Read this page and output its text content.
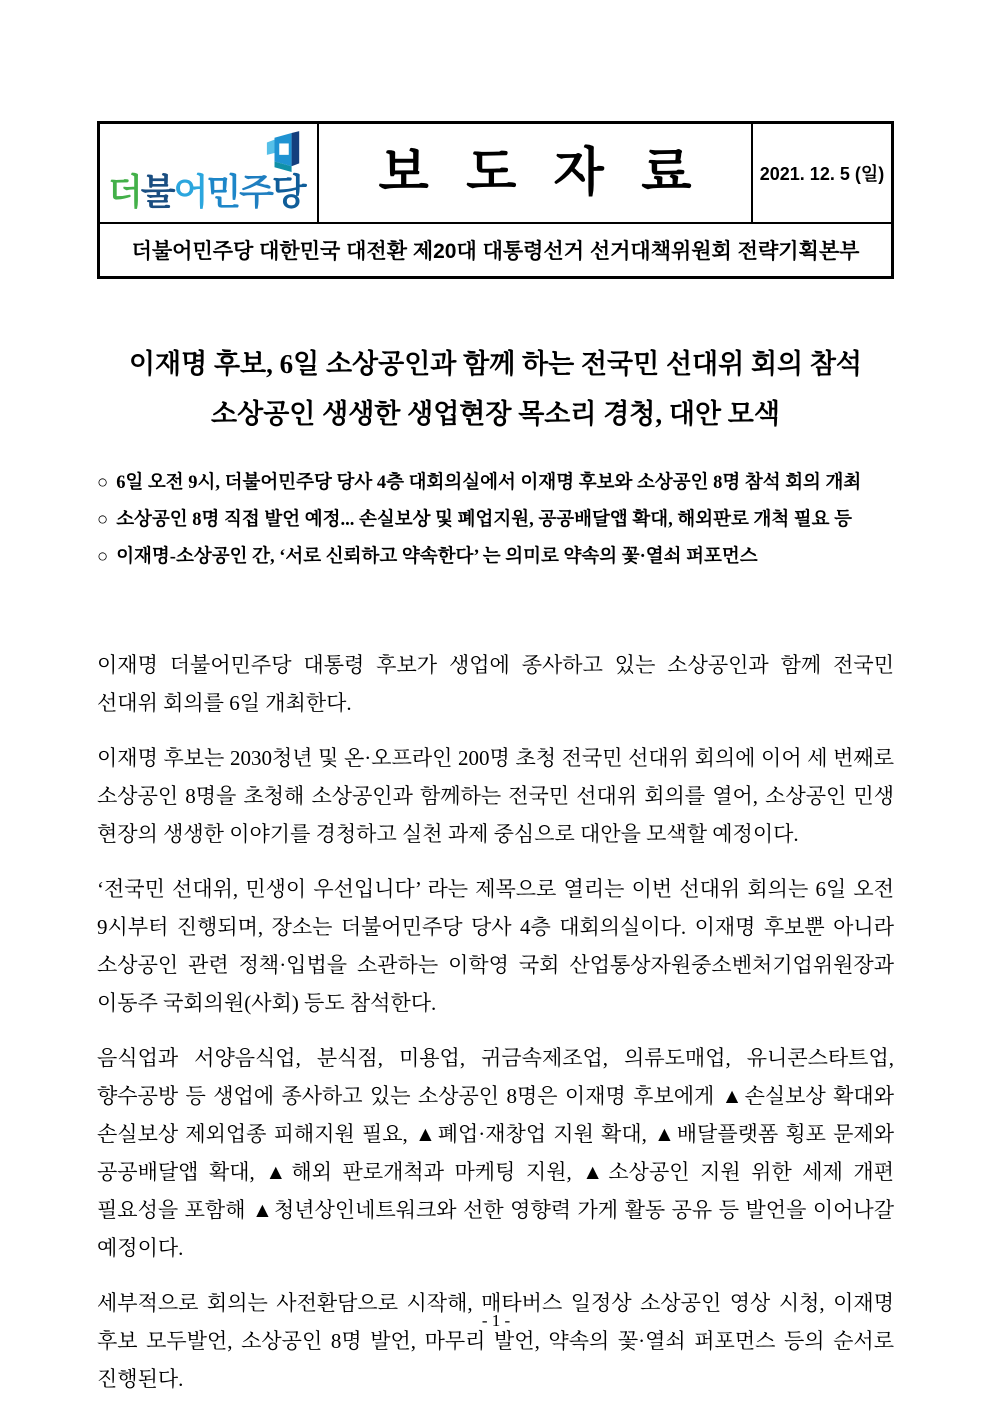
더불어민주당 보 도 자 료	2021. 12. 5 (일)
더불어민주당 대한민국 대전환 제20대 대통령선거 선거대책위원회 전략기획본부
이재명 후보, 6일 소상공인과 함께 하는 전국민 선대위 회의 참석
소상공인 생생한 생업현장 목소리 경청, 대안 모색
○ 6일 오전 9시, 더불어민주당 당사 4층 대회의실에서 이재명 후보와 소상공인 8명 참석 회의 개최
○ 소상공인 8명 직접 발언 예정... 손실보상 및 폐업지원, 공공배달앱 확대, 해외판로 개척 필요 등
○ 이재명-소상공인 간, ‘서로 신뢰하고 약속한다’ 는 의미로 약속의 꽃·열쇠 퍼포먼스

이재명 더불어민주당 대통령 후보가 생업에 종사하고 있는 소상공인과 함께 전국민 선대위 회의를 6일 개최한다.

이재명 후보는 2030청년 및 온·오프라인 200명 초청 전국민 선대위 회의에 이어 세 번째로 소상공인 8명을 초청해 소상공인과 함께하는 전국민 선대위 회의를 열어, 소상공인 민생 현장의 생생한 이야기를 경청하고 실천 과제 중심으로 대안을 모색할 예정이다.

‘전국민 선대위, 민생이 우선입니다’ 라는 제목으로 열리는 이번 선대위 회의는 6일 오전 9시부터 진행되며, 장소는 더불어민주당 당사 4층 대회의실이다. 이재명 후보뿐 아니라 소상공인 관련 정책·입법을 소관하는 이학영 국회 산업통상자원중소벤처기업위원장과 이동주 국회의원(사회) 등도 참석한다.

음식업과 서양음식업, 분식점, 미용업, 귀금속제조업, 의류도매업, 유니콘스타트업, 향수공방 등 생업에 종사하고 있는 소상공인 8명은 이재명 후보에게 ▲손실보상 확대와 손실보상 제외업종 피해지원 필요, ▲폐업·재창업 지원 확대, ▲배달플랫폼 횡포 문제와 공공배달앱 확대, ▲해외 판로개척과 마케팅 지원, ▲소상공인 지원 위한 세제 개편 필요성을 포함해 ▲청년상인네트워크와 선한 영향력 가게 활동 공유 등 발언을 이어나갈 예정이다.

세부적으로 회의는 사전환담으로 시작해, 매타버스 일정상 소상공인 영상 시청, 이재명 후보 모두발언, 소상공인 8명 발언, 마무리 발언, 약속의 꽃·열쇠 퍼포먼스 등의 순서로 진행된다.

- 1 -
